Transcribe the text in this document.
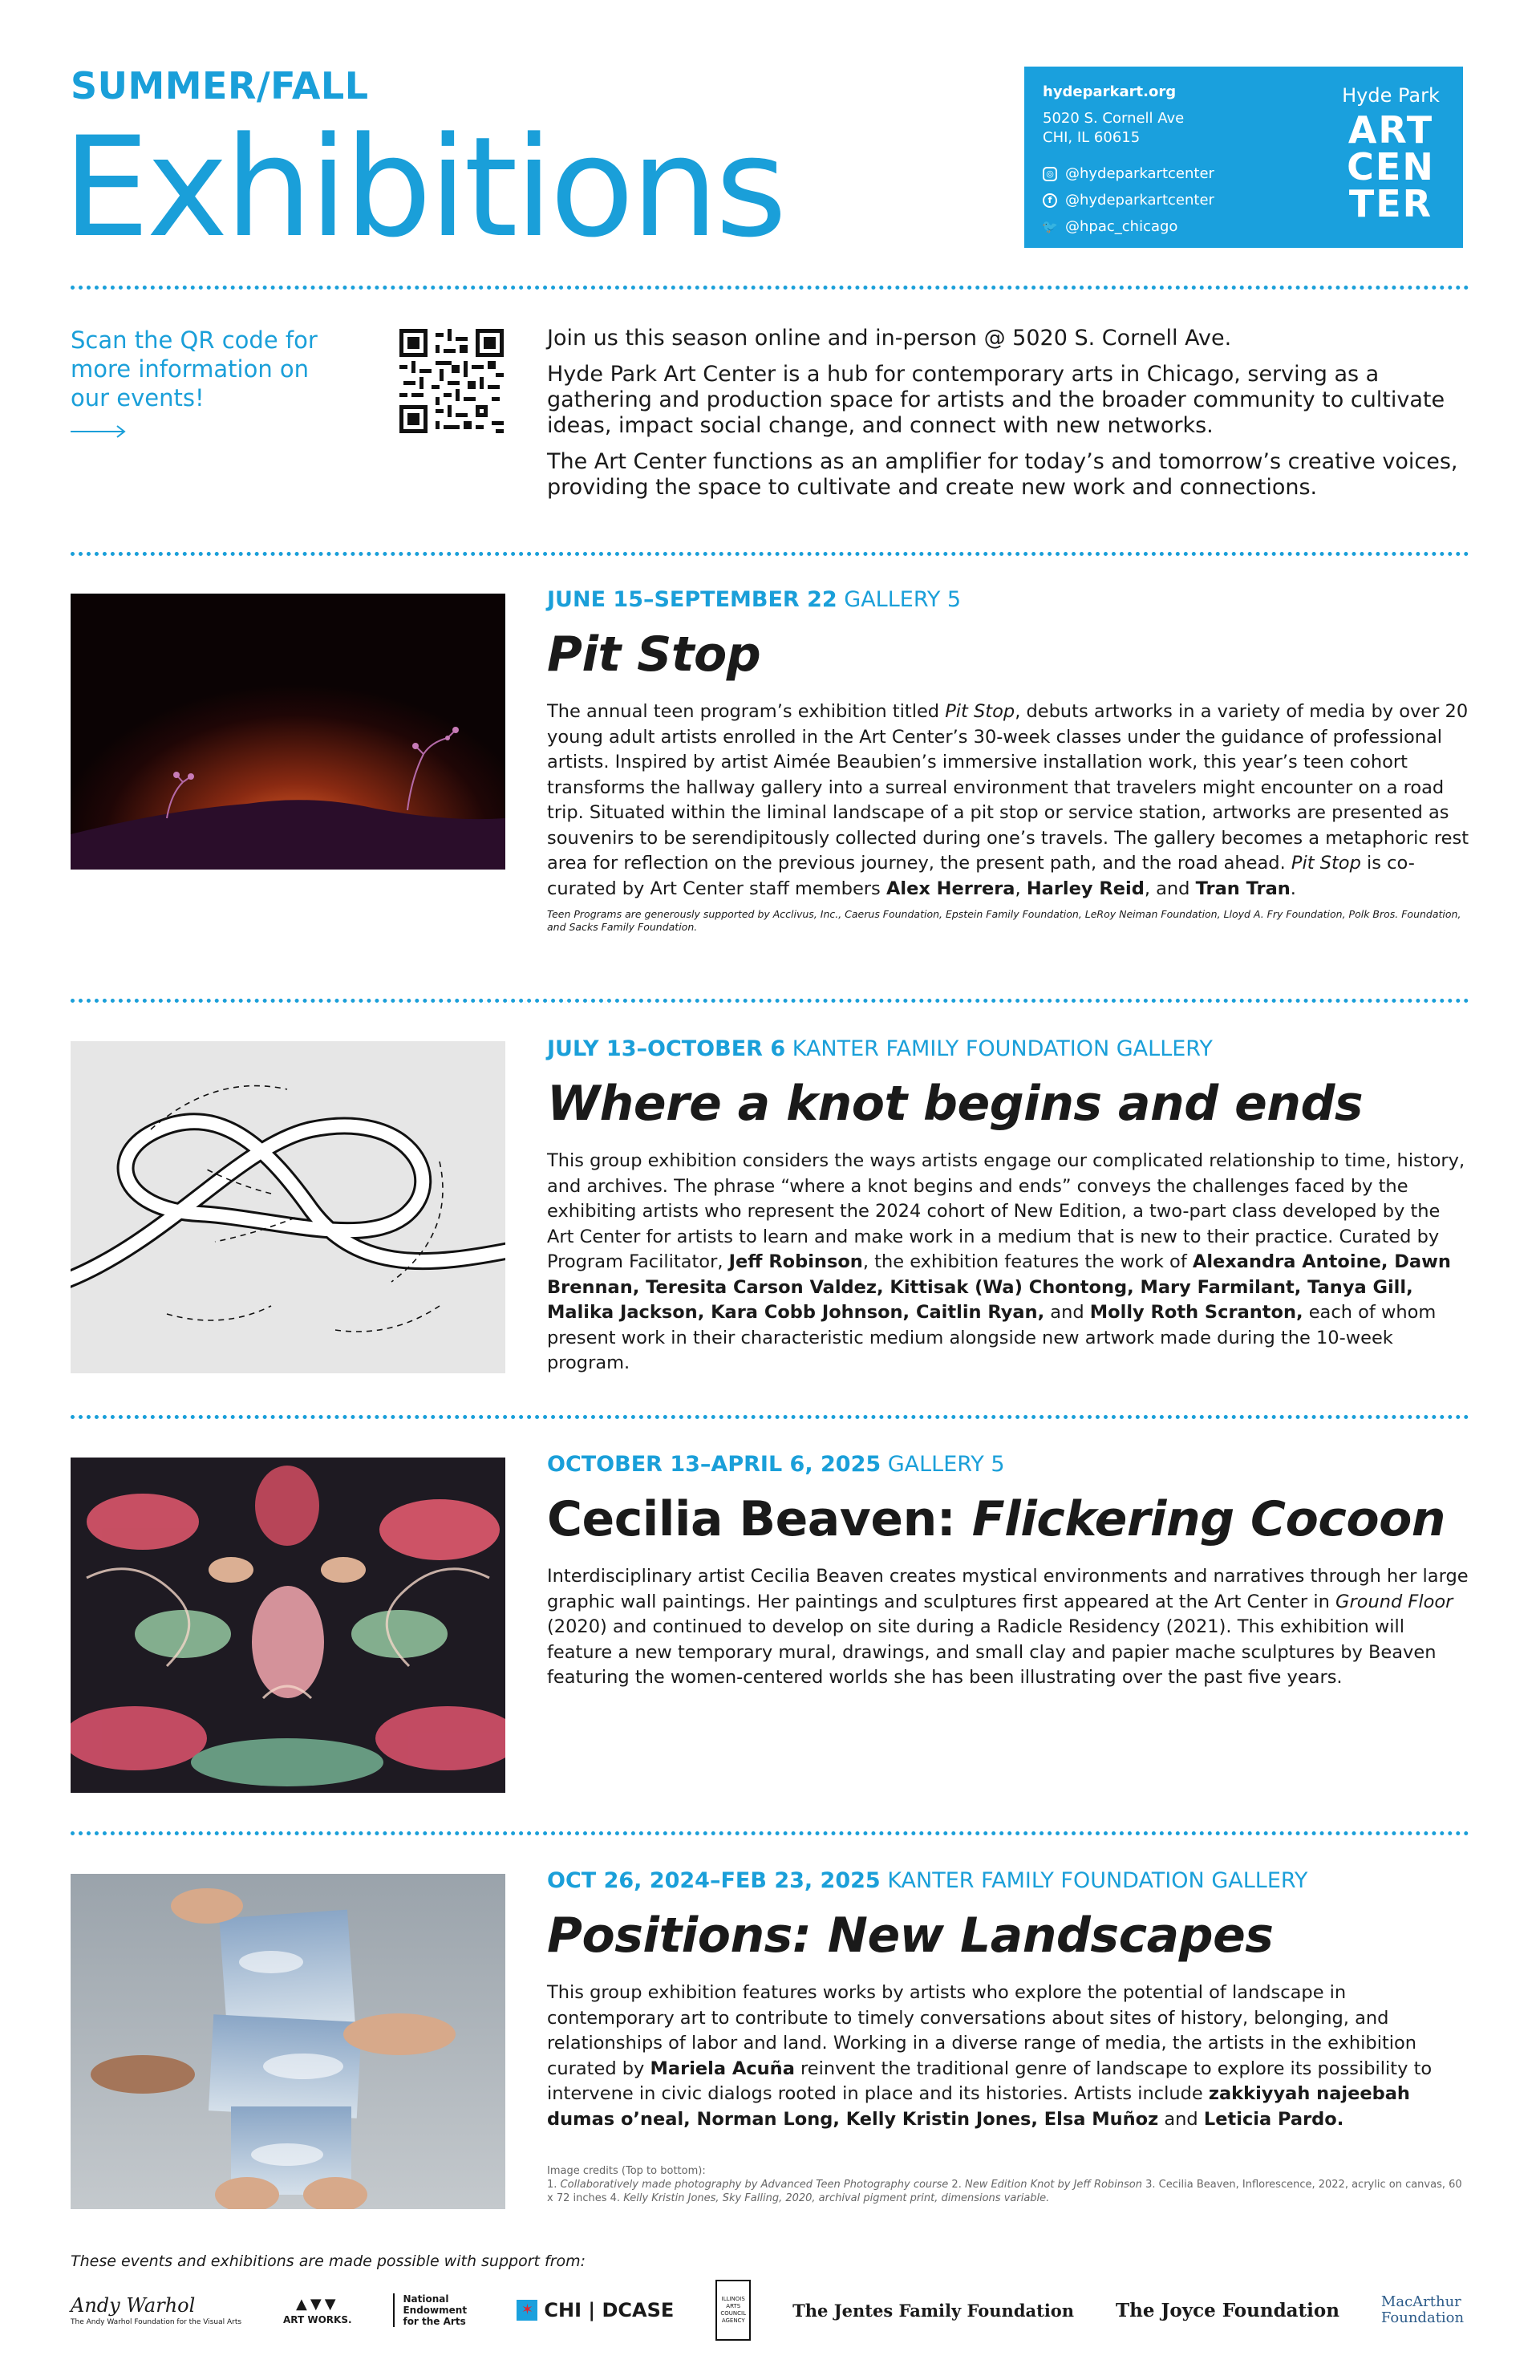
SUMMER/FALL
Exhibitions
hydeparkart.org
5020 S. Cornell Ave
CHI, IL 60615
◎ @hydeparkartcenter
f @hydeparkartcenter
🐦 @hpac_chicago
Hyde Park
ART
CEN
TER
Scan the QR code for more information on our events!

Join us this season online and in-person @ 5020 S. Cornell Ave.

Hyde Park Art Center is a hub for contemporary arts in Chicago, serving as a gathering and production space for artists and the broader community to cultivate ideas, impact social change, and connect with new networks.

The Art Center functions as an amplifier for today’s and tomorrow’s creative voices, providing the space to cultivate and create new work and connections.

JUNE 15–SEPTEMBER 22 GALLERY 5
Pit Stop
The annual teen program’s exhibition titled Pit Stop, debuts artworks in a variety of media by over 20 young adult artists enrolled in the Art Center’s 30-week classes under the guidance of professional artists. Inspired by artist Aimée Beaubien’s immersive installation work, this year’s teen cohort transforms the hallway gallery into a surreal environment that travelers might encounter on a road trip. Situated within the liminal landscape of a pit stop or service station, artworks are presented as souvenirs to be serendipitously collected during one’s travels. The gallery becomes a metaphoric rest area for reflection on the previous journey, the present path, and the road ahead. Pit Stop is co-curated by Art Center staff members Alex Herrera, Harley Reid, and Tran Tran.
Teen Programs are generously supported by Acclivus, Inc., Caerus Foundation, Epstein Family Foundation, LeRoy Neiman Foundation, Lloyd A. Fry Foundation, Polk Bros. Foundation, and Sacks Family Foundation.
JULY 13–OCTOBER 6 KANTER FAMILY FOUNDATION GALLERY
Where a knot begins and ends
This group exhibition considers the ways artists engage our complicated relationship to time, history, and archives. The phrase “where a knot begins and ends” conveys the challenges faced by the exhibiting artists who represent the 2024 cohort of New Edition, a two-part class developed by the Art Center for artists to learn and make work in a medium that is new to their practice. Curated by Program Facilitator, Jeff Robinson, the exhibition features the work of Alexandra Antoine, Dawn Brennan, Teresita Carson Valdez, Kittisak (Wa) Chontong, Mary Farmilant, Tanya Gill, Malika Jackson, Kara Cobb Johnson, Caitlin Ryan, and Molly Roth Scranton, each of whom present work in their characteristic medium alongside new artwork made during the 10-week program.
OCTOBER 13–APRIL 6, 2025 GALLERY 5
Cecilia Beaven: Flickering Cocoon
Interdisciplinary artist Cecilia Beaven creates mystical environments and narratives through her large graphic wall paintings. Her paintings and sculptures first appeared at the Art Center in Ground Floor (2020) and continued to develop on site during a Radicle Residency (2021). This exhibition will feature a new temporary mural, drawings, and small clay and papier mache sculptures by Beaven featuring the women-centered worlds she has been illustrating over the past five years.
OCT 26, 2024–FEB 23, 2025 KANTER FAMILY FOUNDATION GALLERY
Positions: New Landscapes
This group exhibition features works by artists who explore the potential of landscape in contemporary art to contribute to timely conversations about sites of history, belonging, and relationships of labor and land. Working in a diverse range of media, the artists in the exhibition curated by Mariela Acuña reinvent the traditional genre of landscape to explore its possibility to intervene in civic dialogs rooted in place and its histories. Artists include zakkiyyah najeebah dumas o’neal, Norman Long, Kelly Kristin Jones, Elsa Muñoz and Leticia Pardo.
Image credits (Top to bottom):
1. Collaboratively made photography by Advanced Teen Photography course 2. New Edition Knot by Jeff Robinson 3. Cecilia Beaven, Inflorescence, 2022, acrylic on canvas, 60 x 72 inches 4. Kelly Kristin Jones, Sky Falling, 2020, archival pigment print, dimensions variable.
These events and exhibitions are made possible with support from:
Andy Warhol
The Andy Warhol Foundation for the Visual Arts
▲▼▼
ART WORKS.
National Endowment for the Arts
✶ CHI | DCASE	ILLINOIS ARTS COUNCIL AGENCY
The Jentes Family Foundation The Joyce Foundation	MacArthur Foundation
